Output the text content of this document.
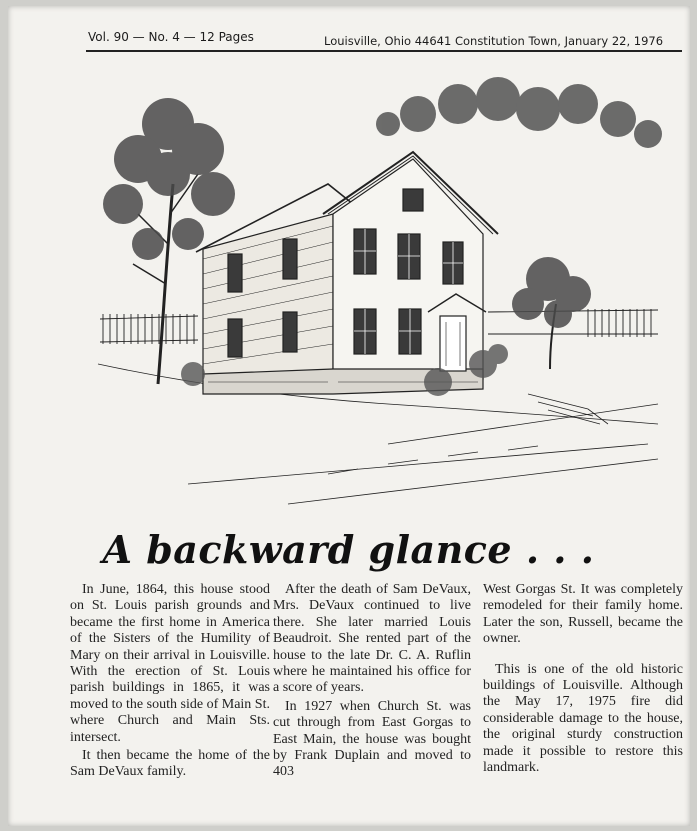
Vol. 90 — No. 4 — 12 Pages	Louisville, Ohio 44641 Constitution Town, January 22, 1976
A backward glance . . .

In June, 1864, this house stood on St. Louis parish grounds and became the first home in America of the Sisters of the Humility of Mary on their arrival in Louisville. With the erection of St. Louis parish buildings in 1865, it was moved to the south side of Main St. where Church and Main Sts. intersect.

It then became the home of the Sam DeVaux family.

After the death of Sam DeVaux, Mrs. DeVaux continued to live there. She later married Louis Beaudroit. She rented part of the house to the late Dr. C. A. Ruflin where he maintained his office for a score of years.

In 1927 when Church St. was cut through from East Gorgas to East Main, the house was bought by Frank Duplain and moved to 403

West Gorgas St. It was completely remodeled for their family home. Later the son, Russell, became the owner.

This is one of the old historic buildings of Louisville. Although the May 17, 1975 fire did considerable damage to the house, the original sturdy construction made it possible to restore this landmark.
